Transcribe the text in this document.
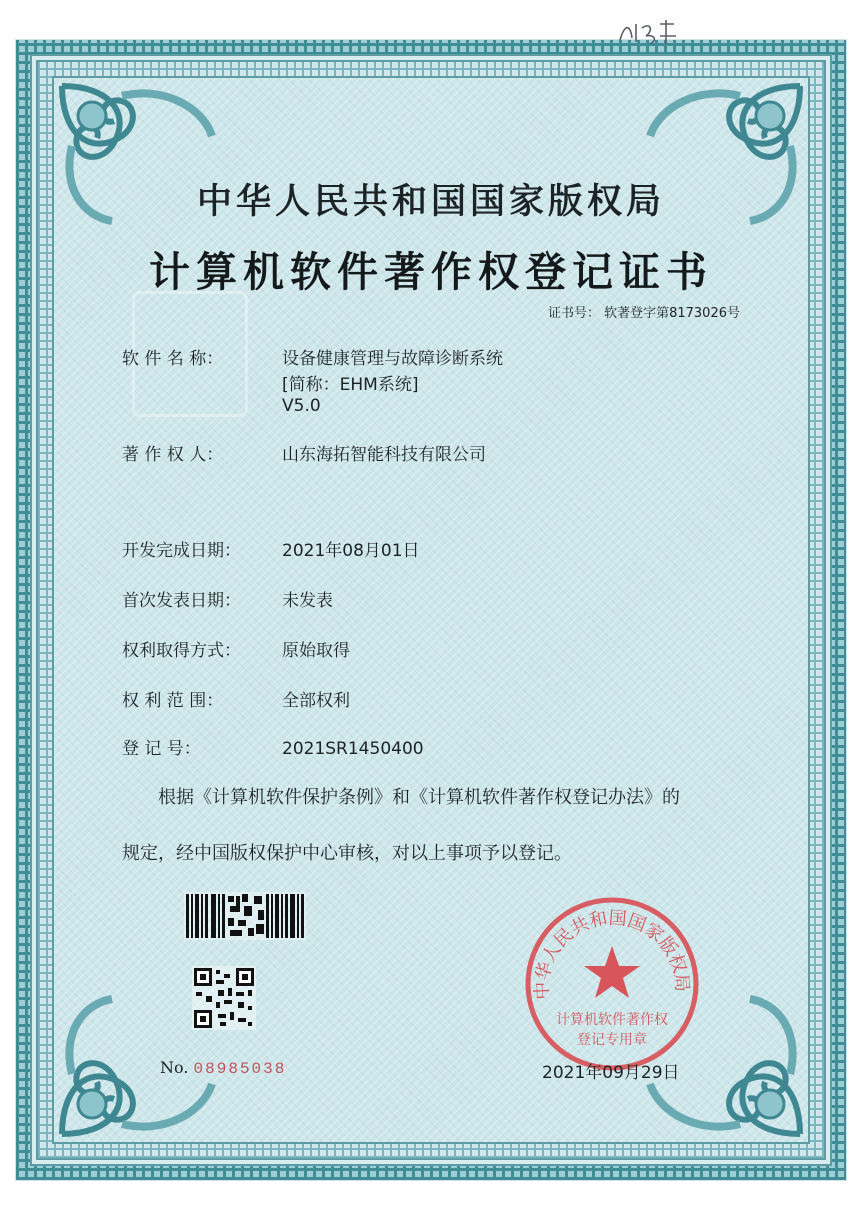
中华人民共和国国家版权局
计算机软件著作权登记证书
证书号： 软著登字第8173026号
软 件 名 称：	设备健康管理与故障诊断系统
[简称：EHM系统]
V5.0
著 作 权 人：	山东海拓智能科技有限公司
开发完成日期： 2021年08月01日
首次发表日期： 未发表
权利取得方式： 原始取得
权 利 范 围：	全部权利
登 记 号：	2021SR1450400
根据《计算机软件保护条例》和《计算机软件著作权登记办法》的
规定，经中国版权保护中心审核，对以上事项予以登记。
No. 08985038
中华人民共和国国家版权局
计算机软件著作权
登记专用章
2021年09月29日
